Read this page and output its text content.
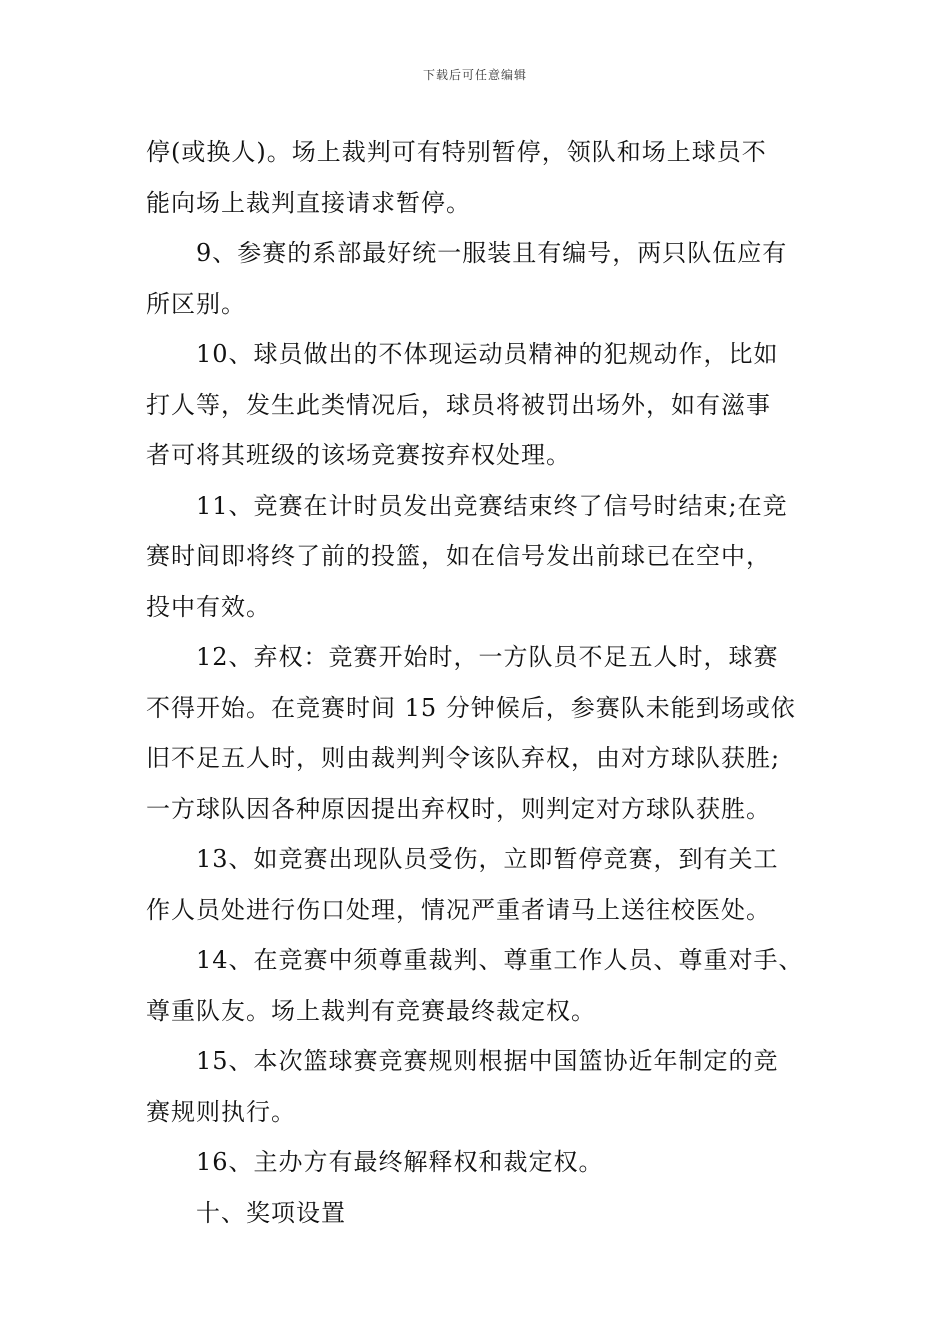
下载后可任意编辑
停(或换人)。场上裁判可有特别暂停，领队和场上球员不
能向场上裁判直接请求暂停。
9、参赛的系部最好统一服装且有编号，两只队伍应有
所区别。
10、球员做出的不体现运动员精神的犯规动作，比如
打人等，发生此类情况后，球员将被罚出场外，如有滋事
者可将其班级的该场竞赛按弃权处理。
11、竞赛在计时员发出竞赛结束终了信号时结束;在竞
赛时间即将终了前的投篮，如在信号发出前球已在空中，
投中有效。
12、弃权：竞赛开始时，一方队员不足五人时，球赛
不得开始。在竞赛时间 15 分钟候后，参赛队未能到场或依
旧不足五人时，则由裁判判令该队弃权，由对方球队获胜;
一方球队因各种原因提出弃权时，则判定对方球队获胜。
13、如竞赛出现队员受伤，立即暂停竞赛，到有关工
作人员处进行伤口处理，情况严重者请马上送往校医处。
14、在竞赛中须尊重裁判、尊重工作人员、尊重对手、
尊重队友。场上裁判有竞赛最终裁定权。
15、本次篮球赛竞赛规则根据中国篮协近年制定的竞
赛规则执行。
16、主办方有最终解释权和裁定权。
十、奖项设置
